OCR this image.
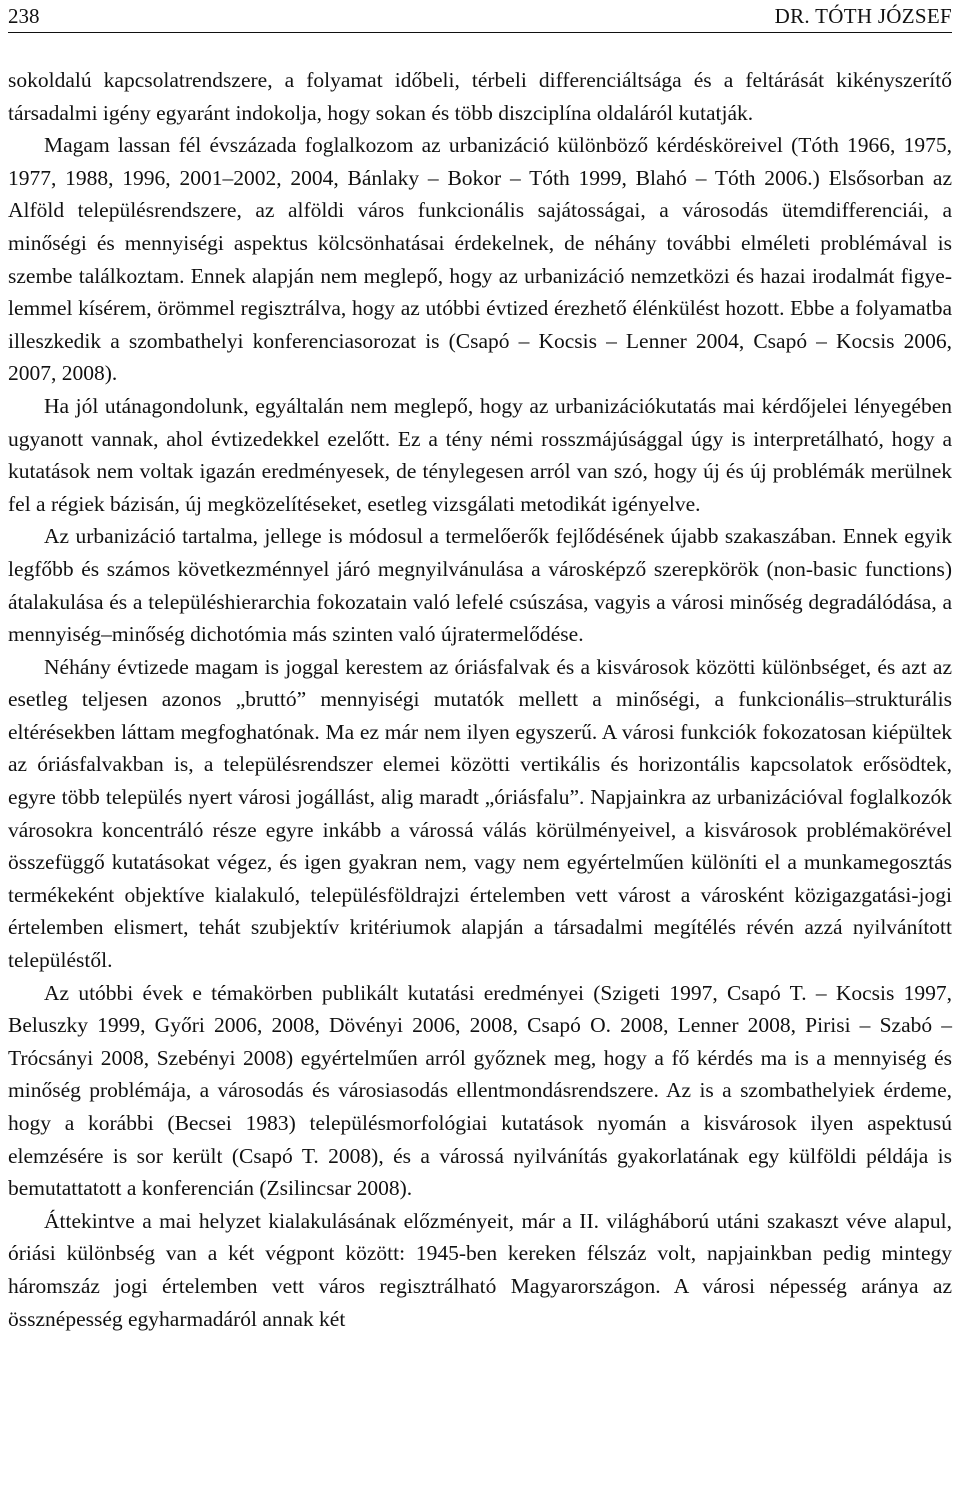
238	DR. TÓTH JÓZSEF

sokoldalú kapcsolatrendszere, a folyamat időbeli, térbeli differenciáltsága és a feltárását kikényszerítő társadalmi igény egyaránt indokolja, hogy sokan és több diszciplína oldaláról kutatják.

Magam lassan fél évszázada foglalkozom az urbanizáció különböző kérdésköreivel (Tóth 1966, 1975, 1977, 1988, 1996, 2001–2002, 2004, Bánlaky – Bokor – Tóth 1999, Blahó – Tóth 2006.) Elsősorban az Alföld településrendszere, az alföldi város funkcionális sajátosságai, a városodás ütemdifferenciái, a minőségi és mennyiségi aspektus kölcsönhatásai érdekelnek, de néhány további elméleti problémával is szembe találkoztam. Ennek alapján nem meglepő, hogy az urbanizáció nemzetközi és hazai irodalmát figyelemmel kísérem, örömmel regisztrálva, hogy az utóbbi évtized érezhető élénkülést hozott. Ebbe a folyamatba illeszkedik a szombathelyi konferenciasorozat is (Csapó – Kocsis – Lenner 2004, Csapó – Kocsis 2006, 2007, 2008).

Ha jól utánagondolunk, egyáltalán nem meglepő, hogy az urbanizációkutatás mai kérdőjelei lényegében ugyanott vannak, ahol évtizedekkel ezelőtt. Ez a tény némi rosszmájúsággal úgy is interpretálható, hogy a kutatások nem voltak igazán eredményesek, de ténylegesen arról van szó, hogy új és új problémák merülnek fel a régiek bázisán, új megközelítéseket, esetleg vizsgálati metodikát igényelve.

Az urbanizáció tartalma, jellege is módosul a termelőerők fejlődésének újabb szakaszában. Ennek egyik legfőbb és számos következménnyel járó megnyilvánulása a városképző szerepkörök (non-basic functions) átalakulása és a településhierarchia fokozatain való lefelé csúszása, vagyis a városi minőség degradálódása, a mennyiség–minőség dichotómia más szinten való újratermelődése.

Néhány évtizede magam is joggal kerestem az óriásfalvak és a kisvárosok közötti különbséget, és azt az esetleg teljesen azonos „bruttó” mennyiségi mutatók mellett a minőségi, a funkcionális–strukturális eltérésekben láttam megfoghatónak. Ma ez már nem ilyen egyszerű. A városi funkciók fokozatosan kiépültek az óriásfalvakban is, a településrendszer elemei közötti vertikális és horizontális kapcsolatok erősödtek, egyre több település nyert városi jogállást, alig maradt „óriásfalu”. Napjainkra az urbanizációval foglalkozók városokra koncentráló része egyre inkább a várossá válás körülményeivel, a kisvárosok problémakörével összefüggő kutatásokat végez, és igen gyakran nem, vagy nem egyértelműen különíti el a munkamegosztás termékeként objektíve kialakuló, településföldrajzi értelemben vett várost a városként közigazgatási-jogi értelemben elismert, tehát szubjektív kritériumok alapján a társadalmi megítélés révén azzá nyilvánított településtől.

Az utóbbi évek e témakörben publikált kutatási eredményei (Szigeti 1997, Csapó T. – Kocsis 1997, Beluszky 1999, Győri 2006, 2008, Dövényi 2006, 2008, Csapó O. 2008, Lenner 2008, Pirisi – Szabó – Trócsányi 2008, Szebényi 2008) egyértelműen arról győznek meg, hogy a fő kérdés ma is a mennyiség és minőség problémája, a városodás és városiasodás ellentmondásrendszere. Az is a szombathelyiek érdeme, hogy a korábbi (Becsei 1983) településmorfológiai kutatások nyomán a kisvárosok ilyen aspektusú elemzésére is sor került (Csapó T. 2008), és a várossá nyilvánítás gyakorlatának egy külföldi példája is bemutattatott a konferencián (Zsilincsar 2008).

Áttekintve a mai helyzet kialakulásának előzményeit, már a II. világháború utáni szakaszt véve alapul, óriási különbség van a két végpont között: 1945-ben kereken félszáz volt, napjainkban pedig mintegy háromszáz jogi értelemben vett város regisztrálható Magyarországon. A városi népesség aránya az össznépesség egyharmadáról annak két
